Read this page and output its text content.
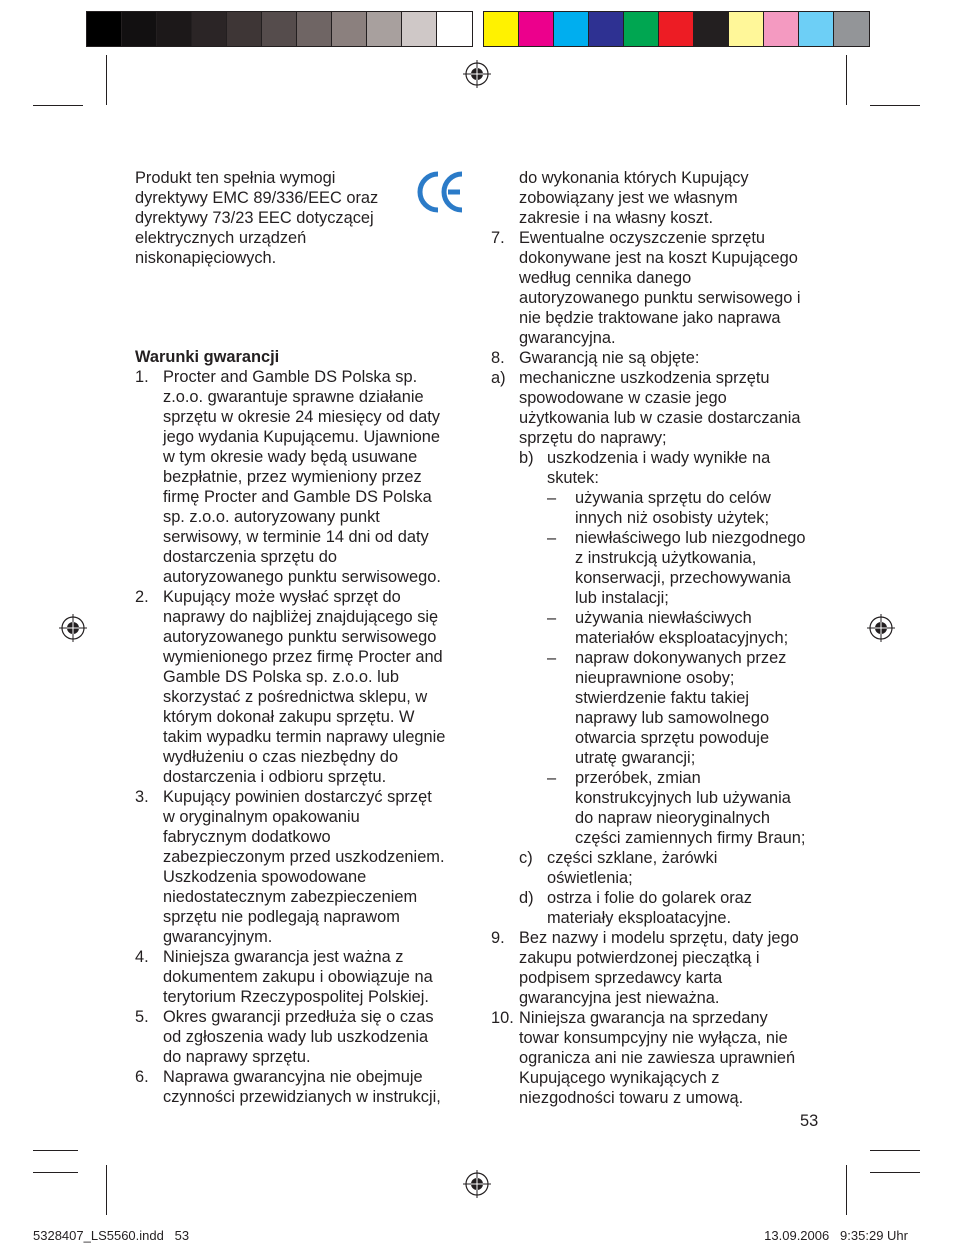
Produkt ten spełnia wymogi
dyrektywy EMC 89/336/EEC oraz
dyrektywy 73/23 EEC dotyczącej
elektrycznych urządzeń
niskonapięciowych.
Warunki gwarancji
1. Procter and Gamble DS Polska sp.
z.o.o. gwarantuje sprawne działanie
sprzętu w okresie 24 miesięcy od daty
jego wydania Kupującemu. Ujawnione
w tym okresie wady będą usuwane
bezpłatnie, przez wymieniony przez
firmę Procter and Gamble DS Polska
sp. z.o.o. autoryzowany punkt
serwisowy, w terminie 14 dni od daty
dostarczenia sprzętu do
autoryzowanego punktu serwisowego.
2. Kupujący może wysłać sprzęt do
naprawy do najbliżej znajdującego się
autoryzowanego punktu serwisowego
wymienionego przez firmę Procter and
Gamble DS Polska sp. z.o.o. lub
skorzystać z pośrednictwa sklepu, w
którym dokonał zakupu sprzętu. W
takim wypadku termin naprawy ulegnie
wydłużeniu o czas niezbędny do
dostarczenia i odbioru sprzętu.
3. Kupujący powinien dostarczyć sprzęt
w oryginalnym opakowaniu
fabrycznym dodatkowo
zabezpieczonym przed uszkodzeniem.
Uszkodzenia spowodowane
niedostatecznym zabezpieczeniem
sprzętu nie podlegają naprawom
gwarancyjnym.
4. Niniejsza gwarancja jest ważna z
dokumentem zakupu i obowiązuje na
terytorium Rzeczypospolitej Polskiej.
5. Okres gwarancji przedłuża się o czas
od zgłoszenia wady lub uszkodzenia
do naprawy sprzętu.
6. Naprawa gwarancyjna nie obejmuje
czynności przewidzianych w instrukcji,
do wykonania których Kupujący
zobowiązany jest we własnym
zakresie i na własny koszt.
7. Ewentualne oczyszczenie sprzętu
dokonywane jest na koszt Kupującego
według cennika danego
autoryzowanego punktu serwisowego i
nie będzie traktowane jako naprawa
gwarancyjna.
8. Gwarancją nie są objęte:
a) mechaniczne uszkodzenia sprzętu
spowodowane w czasie jego
użytkowania lub w czasie dostarczania
sprzętu do naprawy;
b) uszkodzenia i wady wynikłe na
skutek:
– używania sprzętu do celów
innych niż osobisty użytek;
– niewłaściwego lub niezgodnego
z instrukcją użytkowania,
konserwacji, przechowywania
lub instalacji;
– używania niewłaściwych
materiałów eksploatacyjnych;
– napraw dokonywanych przez
nieuprawnione osoby;
stwierdzenie faktu takiej
naprawy lub samowolnego
otwarcia sprzętu powoduje
utratę gwarancji;
– przeróbek, zmian
konstrukcyjnych lub używania
do napraw nieoryginalnych
części zamiennych firmy Braun;
c) części szklane, żarówki
oświetlenia;
d) ostrza i folie do golarek oraz
materiały eksploatacyjne.
9. Bez nazwy i modelu sprzętu, daty jego
zakupu potwierdzonej pieczątką i
podpisem sprzedawcy karta
gwarancyjna jest nieważna.
10. Niniejsza gwarancja na sprzedany
towar konsumpcyjny nie wyłącza, nie
ogranicza ani nie zawiesza uprawnień
Kupującego wynikających z
niezgodności towaru z umową.
53
5328407_LS5560.indd   53	13.09.2006   9:35:29 Uhr
